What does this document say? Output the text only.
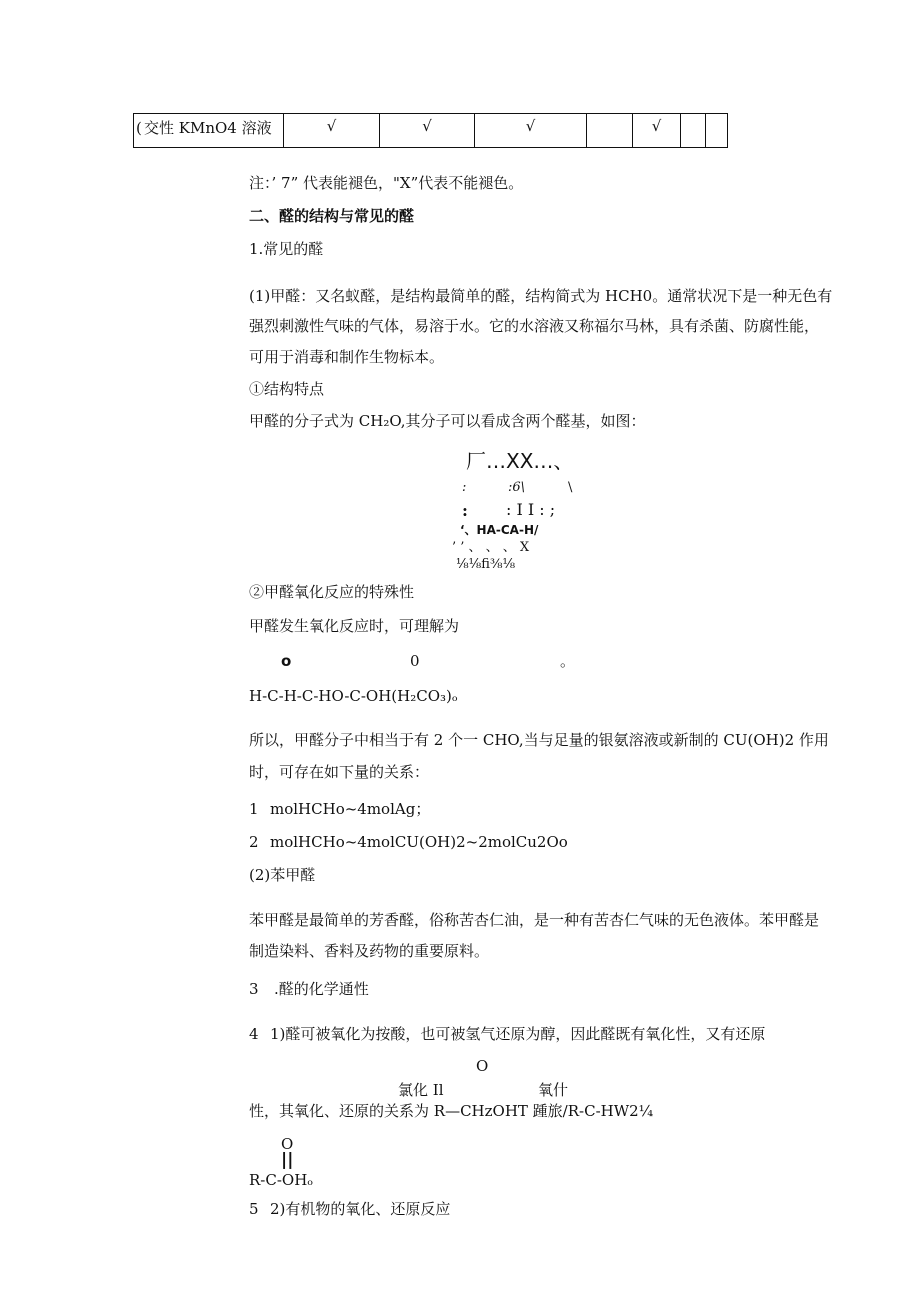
( 交性 KMnO4 溶液	√	√	√		√		
注：’ 7” 代表能褪色，"X”代表不能褪色。
二、醛的结构与常见的醛
1.常见的醛
(1)甲醛：又名蚁醛，是结构最简单的醛，结构简式为 HCH0。通常状况下是一种无色有
强烈刺激性气味的气体，易溶于水。它的水溶液又称福尔马林，具有杀菌、防腐性能，
可用于消毒和制作生物标本。
①结构特点
甲醛的分子式为 CH₂O,其分子可以看成含两个醛基，如图：
厂…XX…、
:	:6\	\
: : I I : ;
‘、HA-CA-H/
’ ’ 、 、 、 X
⅛⅛fi⅜⅛
②甲醛氧化反应的特殊性
甲醛发生氧化反应时，可理解为
o	0	。
H-C-H-C-HO-C-OH(H₂CO₃)ₒ
所以，甲醛分子中相当于有 2 个一 CHO,当与足量的银氨溶液或新制的 CU(OH)2 作用
时，可存在如下量的关系：
1 molHCHo~4molAg；
2 molHCHo~4molCU(OH)2~2molCu2Oo
(2)苯甲醛
苯甲醛是最简单的芳香醛，俗称苦杏仁油，是一种有苦杏仁气味的无色液体。苯甲醛是
制造染料、香料及药物的重要原料。
3 .醛的化学通性
4 1)醛可被氧化为按酸，也可被氢气还原为醇，因此醛既有氧化性，又有还原
O
氯化 Il	氧什
性，其氧化、还原的关系为 R—CHzOHT 踵旅/R-C-HW2¼
O
||
R-C-OHₒ
5 2)有机物的氧化、还原反应
